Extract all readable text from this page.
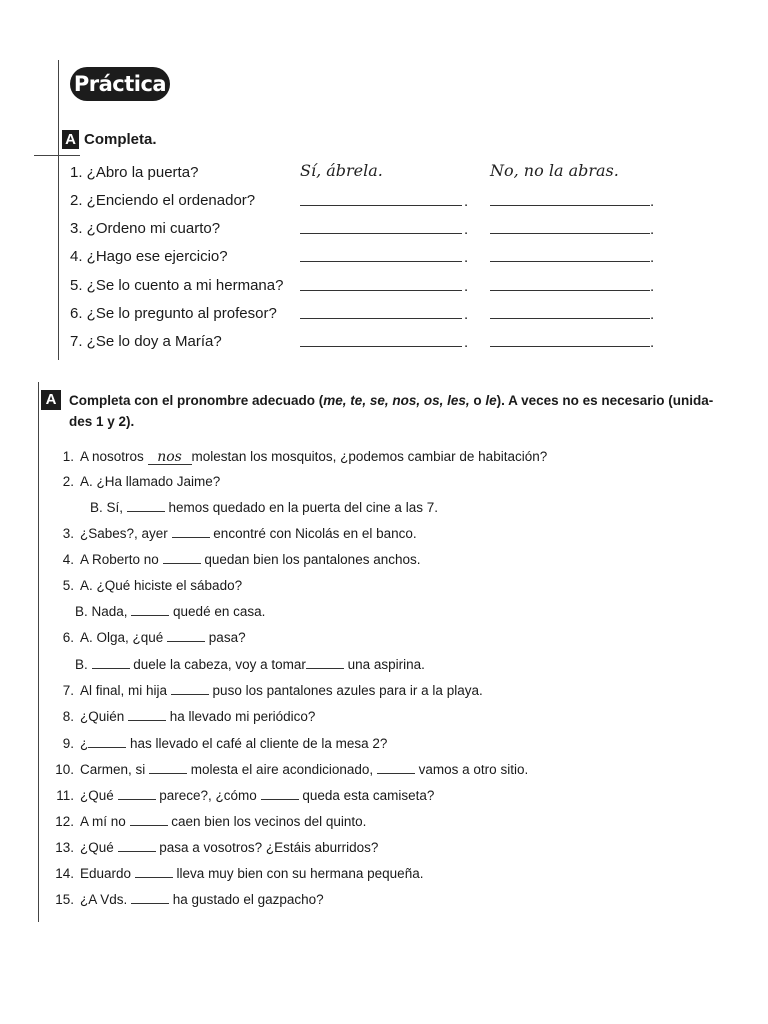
Práctica
A Completa.
1. ¿Abro la puerta?	Sí, ábrela.	No, no la abras.
2. ¿Enciendo el ordenador?	.	.
3. ¿Ordeno mi cuarto?	.	.
4. ¿Hago ese ejercicio?	.	.
5. ¿Se lo cuento a mi hermana?	.	.
6. ¿Se lo pregunto al profesor?	.	.
7. ¿Se lo doy a María?	.	.
A Completa con el pronombre adecuado (me, te, se, nos, os, les, o le). A veces no es necesario (unida-
des 1 y 2).
1. A nosotros nos molestan los mosquitos, ¿podemos cambiar de habitación?
2. A. ¿Ha llamado Jaime?
B. Sí,	hemos quedado en la puerta del cine a las 7.
3. ¿Sabes?, ayer	encontré con Nicolás en el banco.
4. A Roberto no	quedan bien los pantalones anchos.
5. A. ¿Qué hiciste el sábado?
B. Nada,	quedé en casa.
6. A. Olga, ¿qué	pasa?
B.	duele la cabeza, voy a tomar	una aspirina.
7. Al final, mi hija	puso los pantalones azules para ir a la playa.
8. ¿Quién	ha llevado mi periódico?
9. ¿	has llevado el café al cliente de la mesa 2?
10. Carmen, si	molesta el aire acondicionado,	vamos a otro sitio.
11. ¿Qué	parece?, ¿cómo	queda esta camiseta?
12. A mí no	caen bien los vecinos del quinto.
13. ¿Qué	pasa a vosotros? ¿Estáis aburridos?
14. Eduardo	lleva muy bien con su hermana pequeña.
15. ¿A Vds.	ha gustado el gazpacho?
